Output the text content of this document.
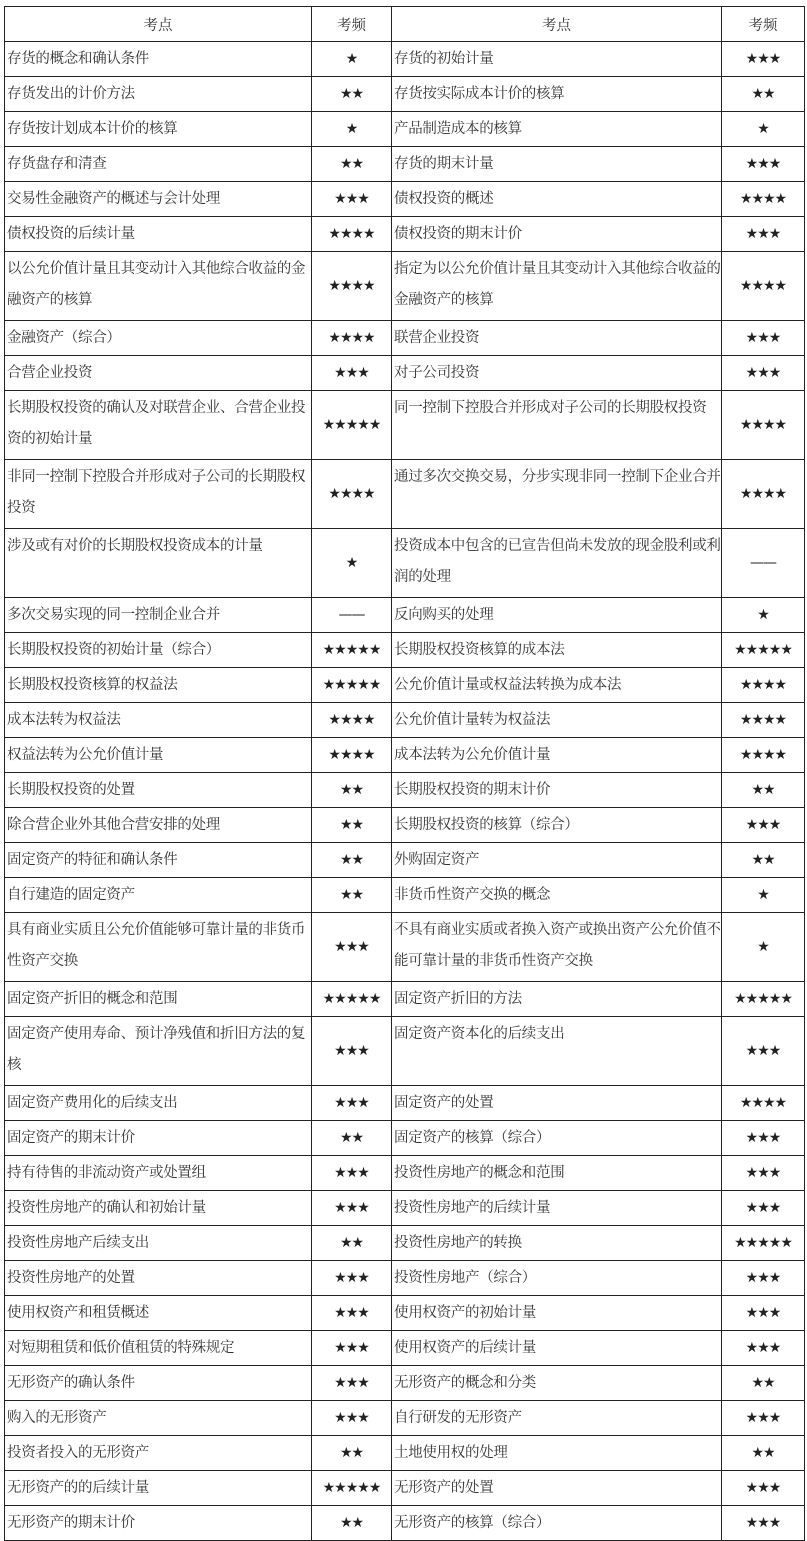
考点	考频	考点	考频
存货的概念和确认条件	★	存货的初始计量	★★★
存货发出的计价方法	★★	存货按实际成本计价的核算	★★
存货按计划成本计价的核算	★	产品制造成本的核算	★
存货盘存和清查	★★	存货的期末计量	★★★
交易性金融资产的概述与会计处理	★★★	债权投资的概述	★★★★
债权投资的后续计量	★★★★	债权投资的期末计价	★★★
以公允价值计量且其变动计入其他综合收益的金融资产的核算	★★★★	指定为以公允价值计量且其变动计入其他综合收益的金融资产的核算	★★★★
金融资产（综合）	★★★★	联营企业投资	★★★
合营企业投资	★★★	对子公司投资	★★★
长期股权投资的确认及对联营企业、合营企业投资的初始计量	★★★★★	同一控制下控股合并形成对子公司的长期股权投资	★★★★
非同一控制下控股合并形成对子公司的长期股权投资	★★★★	通过多次交换交易，分步实现非同一控制下企业合并	★★★★
涉及或有对价的长期股权投资成本的计量	★	投资成本中包含的已宣告但尚未发放的现金股利或利润的处理	——
多次交易实现的同一控制企业合并	——	反向购买的处理	★
长期股权投资的初始计量（综合）	★★★★★	长期股权投资核算的成本法	★★★★★
长期股权投资核算的权益法	★★★★★	公允价值计量或权益法转换为成本法	★★★★
成本法转为权益法	★★★★	公允价值计量转为权益法	★★★★
权益法转为公允价值计量	★★★★	成本法转为公允价值计量	★★★★
长期股权投资的处置	★★	长期股权投资的期末计价	★★
除合营企业外其他合营安排的处理	★★	长期股权投资的核算（综合）	★★★
固定资产的特征和确认条件	★★	外购固定资产	★★
自行建造的固定资产	★★	非货币性资产交换的概念	★
具有商业实质且公允价值能够可靠计量的非货币性资产交换	★★★	不具有商业实质或者换入资产或换出资产公允价值不能可靠计量的非货币性资产交换	★
固定资产折旧的概念和范围	★★★★★	固定资产折旧的方法	★★★★★
固定资产使用寿命、预计净残值和折旧方法的复核	★★★	固定资产资本化的后续支出	★★★
固定资产费用化的后续支出	★★★	固定资产的处置	★★★★
固定资产的期末计价	★★	固定资产的核算（综合）	★★★
持有待售的非流动资产或处置组	★★★	投资性房地产的概念和范围	★★★
投资性房地产的确认和初始计量	★★★	投资性房地产的后续计量	★★★
投资性房地产后续支出	★★	投资性房地产的转换	★★★★★
投资性房地产的处置	★★★	投资性房地产（综合）	★★★
使用权资产和租赁概述	★★★	使用权资产的初始计量	★★★
对短期租赁和低价值租赁的特殊规定	★★★	使用权资产的后续计量	★★★
无形资产的确认条件	★★★	无形资产的概念和分类	★★
购入的无形资产	★★★	自行研发的无形资产	★★★
投资者投入的无形资产	★★	土地使用权的处理	★★
无形资产的的后续计量	★★★★★	无形资产的处置	★★★
无形资产的期末计价	★★	无形资产的核算（综合）	★★★
